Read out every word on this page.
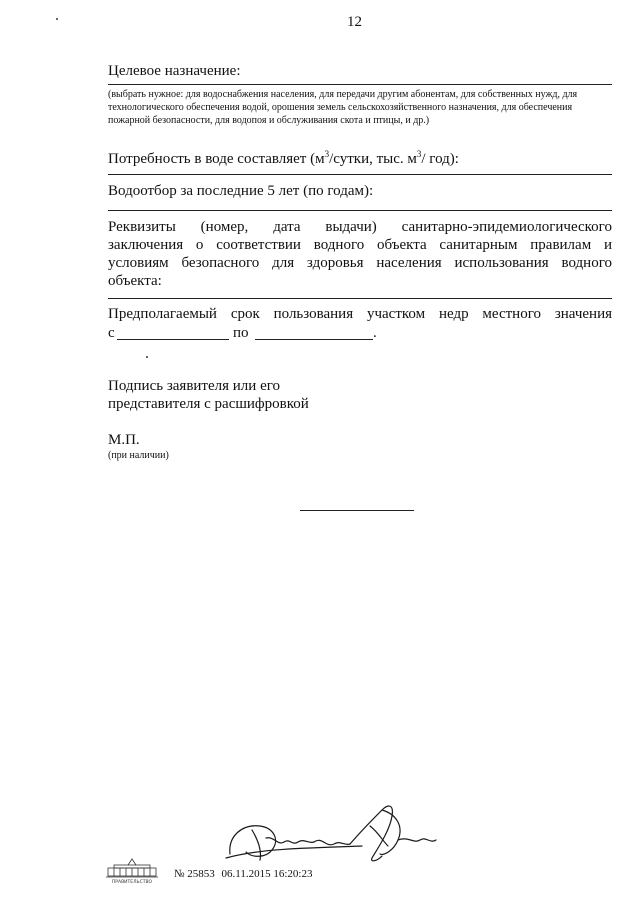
12
Целевое назначение:
(выбрать нужное: для водоснабжения населения, для передачи другим абонентам, для собственных нужд, для технологического обеспечения водой, орошения земель сельскохозяйственного назначения, для обеспечения пожарной безопасности, для водопоя и обслуживания скота и птицы, и др.)
Потребность в воде составляет ($м^3$/сутки, тыс. $м^3/$ год):
Водоотбор за последние 5 лет (по годам):
Реквизиты (номер, дата выдачи) санитарно-эпидемиологического
заключения о соответствии водного объекта санитарным правилам и
условиям безопасного для здоровья населения использования водного
объекта:
Предполагаемый срок пользования участком недр местного значения
с	по	.
Подпись заявителя или его
представителя с расшифровкой
М.П.
(при наличии)
ПРАВИТЕЛЬСТВО
№ 25853 06.11.2015 16:20:23
